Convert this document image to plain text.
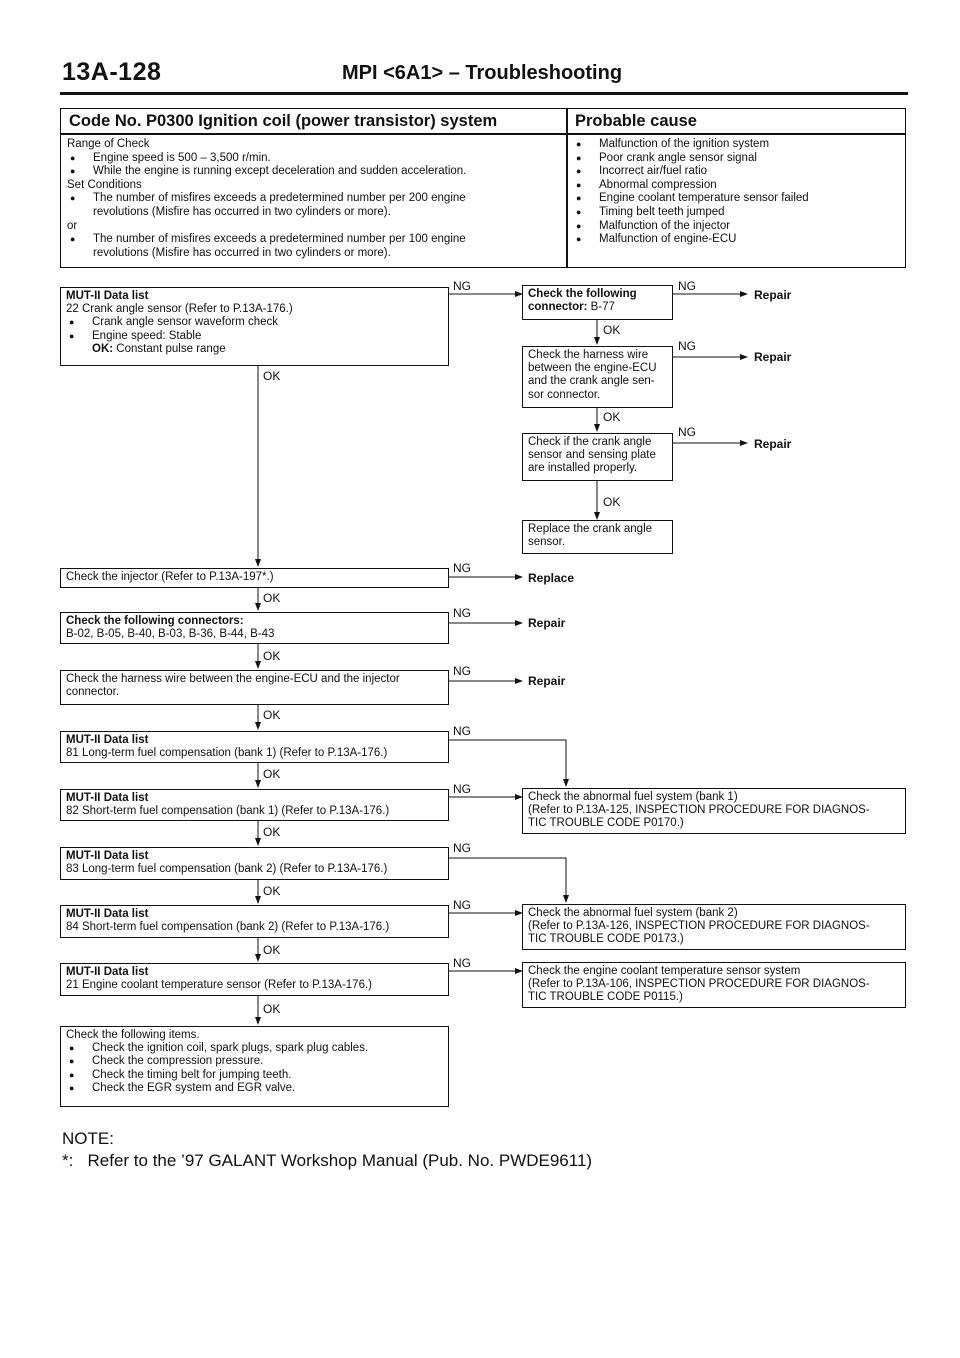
13A-128	MPI <6A1> – Troubleshooting
Code No. P0300 Ignition coil (power transistor) system	Probable cause
Range of Check
● Engine speed is 500 – 3,500 r/min.
● While the engine is running except deceleration and sudden acceleration.
Set Conditions
● The number of misfires exceeds a predetermined number per 200 engine
revolutions (Misfire has occurred in two cylinders or more).
or
● The number of misfires exceeds a predetermined number per 100 engine
revolutions (Misfire has occurred in two cylinders or more).
● Malfunction of the ignition system
● Poor crank angle sensor signal
● Incorrect air/fuel ratio
● Abnormal compression
● Engine coolant temperature sensor failed
● Timing belt teeth jumped
● Malfunction of the injector
● Malfunction of engine-ECU
MUT-II Data list
22 Crank angle sensor (Refer to P.13A-176.)
● Crank angle sensor waveform check
● Engine speed: Stable
OK: Constant pulse range
Check the following
connector: B-77
Check the harness wire
between the engine-ECU
and the crank angle sen-
sor connector.
Check if the crank angle
sensor and sensing plate
are installed properly.
Replace the crank angle
sensor.
Check the injector (Refer to P.13A-197*.)
Check the following connectors:
B-02, B-05, B-40, B-03, B-36, B-44, B-43
Check the harness wire between the engine-ECU and the injector
connector.
MUT-II Data list
81 Long-term fuel compensation (bank 1) (Refer to P.13A-176.)
MUT-II Data list
82 Short-term fuel compensation (bank 1) (Refer to P.13A-176.)
MUT-II Data list
83 Long-term fuel compensation (bank 2) (Refer to P.13A-176.)
MUT-II Data list
84 Short-term fuel compensation (bank 2) (Refer to P.13A-176.)
MUT-II Data list
21 Engine coolant temperature sensor (Refer to P.13A-176.)
Check the following items.
● Check the ignition coil, spark plugs, spark plug cables.
● Check the compression pressure.
● Check the timing belt for jumping teeth.
● Check the EGR system and EGR valve.
Check the abnormal fuel system (bank 1)
(Refer to P.13A-125, INSPECTION PROCEDURE FOR DIAGNOS-
TIC TROUBLE CODE P0170.)
Check the abnormal fuel system (bank 2)
(Refer to P.13A-126, INSPECTION PROCEDURE FOR DIAGNOS-
TIC TROUBLE CODE P0173.)
Check the engine coolant temperature sensor system
(Refer to P.13A-106, INSPECTION PROCEDURE FOR DIAGNOS-
TIC TROUBLE CODE P0115.)
OK
OK
OK
OK
OK
OK
OK
OK
OK
OK
OK
OK
NG	NG
NG
NG
NG
NG
NG
NG
NG
NG
NG
NG
Repair
Repair
Repair
Replace
Repair
Repair
NOTE:
*:   Refer to the ’97 GALANT Workshop Manual (Pub. No. PWDE9611)
